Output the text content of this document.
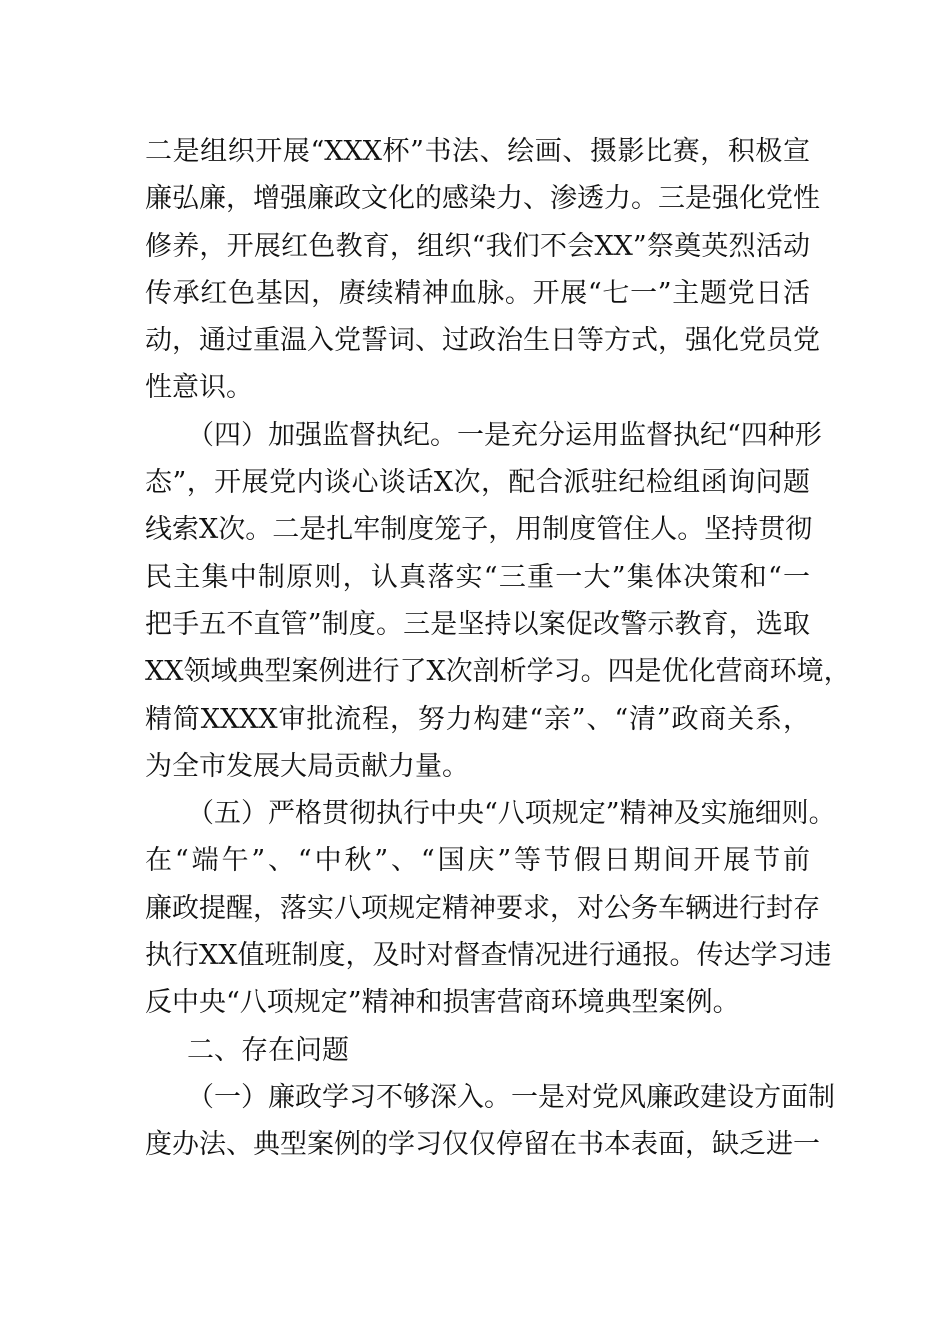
二是组织开展“XXX杯”书法、绘画、摄影比赛，积极宣
廉弘廉，增强廉政文化的感染力、渗透力。三是强化党性
修养，开展红色教育，组织“我们不会XX”祭奠英烈活动
传承红色基因，赓续精神血脉。开展“七一”主题党日活
动，通过重温入党誓词、过政治生日等方式，强化党员党
性意识。
（四）加强监督执纪。一是充分运用监督执纪“四种形
态”，开展党内谈心谈话X次，配合派驻纪检组函询问题
线索X次。二是扎牢制度笼子，用制度管住人。坚持贯彻
民主集中制原则，认真落实“三重一大”集体决策和“一
把手五不直管”制度。三是坚持以案促改警示教育，选取
XX领域典型案例进行了X次剖析学习。四是优化营商环境，
精简XXXX审批流程，努力构建“亲”、“清”政商关系，
为全市发展大局贡献力量。
（五）严格贯彻执行中央“八项规定”精神及实施细则。
在“端午”、“中秋”、“国庆”等节假日期间开展节前
廉政提醒，落实八项规定精神要求，对公务车辆进行封存
执行XX值班制度，及时对督查情况进行通报。传达学习违
反中央“八项规定”精神和损害营商环境典型案例。
二、存在问题
（一）廉政学习不够深入。一是对党风廉政建设方面制
度办法、典型案例的学习仅仅停留在书本表面，缺乏进一
